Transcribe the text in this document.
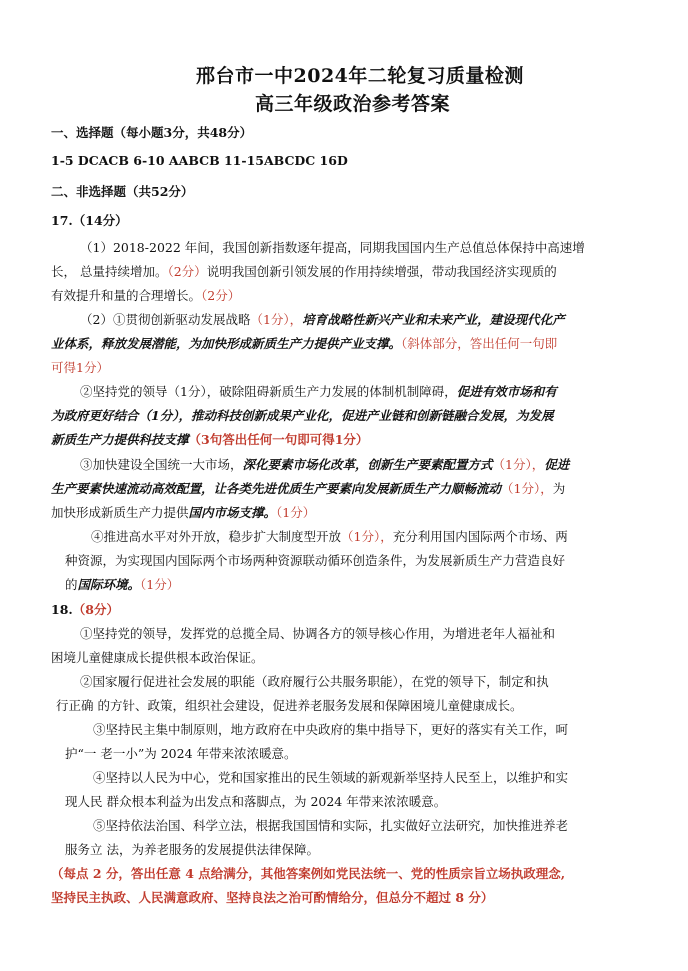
邢台市一中2024年二轮复习质量检测
高三年级政治参考答案
一、选择题（每小题3分，共48分）
1-5 DCACB 6-10 AABCB 11-15ABCDC 16D
二、非选择题（共52分）
17.（14分）
（1）2018-2022 年间，我国创新指数逐年提高，同期我国国内生产总值总体保持中高速增
长， 总量持续增加。（2分）说明我国创新引领发展的作用持续增强，带动我国经济实现质的
有效提升和量的合理增长。（2分）
（2）①贯彻创新驱动发展战略（1分），培育战略性新兴产业和未来产业，建设现代化产
业体系，释放发展潜能，为加快形成新质生产力提供产业支撑。（斜体部分，答出任何一句即
可得1分）
②坚持党的领导（1分），破除阻碍新质生产力发展的体制机制障碍，促进有效市场和有
为政府更好结合（1分），推动科技创新成果产业化，促进产业链和创新链融合发展，为发展
新质生产力提供科技支撑（3句答出任何一句即可得1分）
③加快建设全国统一大市场，深化要素市场化改革，创新生产要素配置方式（1分），促进
生产要素快速流动高效配置，让各类先进优质生产要素向发展新质生产力顺畅流动（1分），为
加快形成新质生产力提供国内市场支撑。（1分）
④推进高水平对外开放，稳步扩大制度型开放（1分），充分利用国内国际两个市场、两
种资源，为实现国内国际两个市场两种资源联动循环创造条件，为发展新质生产力营造良好
的国际环境。（1分）
18.（8分）
①坚持党的领导，发挥党的总揽全局、协调各方的领导核心作用，为增进老年人福祉和
困境儿童健康成长提供根本政治保证。
②国家履行促进社会发展的职能（政府履行公共服务职能），在党的领导下，制定和执
行正确 的方针、政策，组织社会建设，促进养老服务发展和保障困境儿童健康成长。
③坚持民主集中制原则，地方政府在中央政府的集中指导下，更好的落实有关工作，呵
护“一 老一小”为 2024 年带来浓浓暖意。
④坚持以人民为中心，党和国家推出的民生领域的新观新举坚持人民至上，以维护和实
现人民 群众根本利益为出发点和落脚点，为 2024 年带来浓浓暖意。
⑤坚持依法治国、科学立法，根据我国国情和实际，扎实做好立法研究，加快推进养老
服务立 法，为养老服务的发展提供法律保障。
（每点 2 分，答出任意 4 点给满分，其他答案例如党民法统一、党的性质宗旨立场执政理念,
坚持民主执政、人民满意政府、坚持良法之治可酌情给分，但总分不超过 8 分）
